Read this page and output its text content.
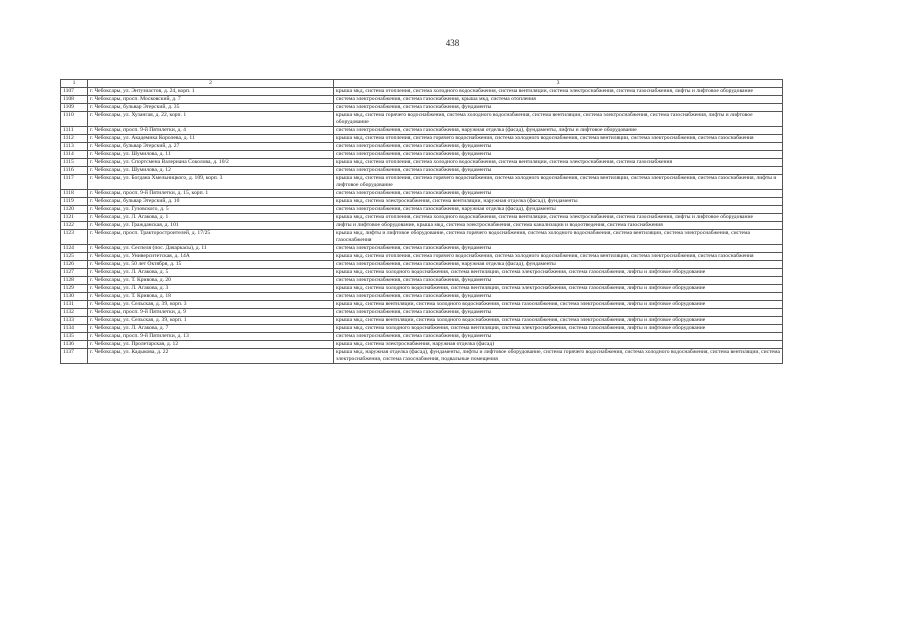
438
1	2	3
1107	г. Чебоксары, ул. Энтузиастов, д. 24, корп. 1	крыша мкд, система отопления, система холодного водоснабжения, система вентиляции, система электроснабжения, система газоснабжения, лифты и лифтовое оборудование
1108	г. Чебоксары, просп. Московский, д. 7	система электроснабжения, система газоснабжения, крыша мкд, система отопления
1109	г. Чебоксары, бульвар Эгерский, д. 35	система электроснабжения, система газоснабжения, фундаменты
1110	г. Чебоксары, ул. Хузангая, д. 22, корп. 1	крыша мкд, система горячего водоснабжения, система холодного водоснабжения, система вентиляции, система электроснабжения, система газоснабжения, лифты и лифтовое оборудование
1111	г. Чебоксары, просп. 9-й Пятилетки, д. 4	система электроснабжения, система газоснабжения, наружная отделка (фасад), фундаменты, лифты и лифтовое оборудование
1112	г. Чебоксары, ул. Академика Королева, д. 11	крыша мкд, система отопления, система горячего водоснабжения, система холодного водоснабжения, система вентиляции, система электроснабжения, система газоснабжения
1113	г. Чебоксары, бульвар Эгерский, д. 27	система электроснабжения, система газоснабжения, фундаменты
1114	г. Чебоксары, ул. Шумилова, д. 11	система электроснабжения, система газоснабжения, фундаменты
1115	г. Чебоксары, ул. Спортсмена Валериана Соколова, д. 10/2	крыша мкд, система отопления, система холодного водоснабжения, система вентиляции, система электроснабжения, система газоснабжения
1116	г. Чебоксары, ул. Шумилова, д. 12	система электроснабжения, система газоснабжения, фундаменты
1117	г. Чебоксары, ул. Богдана Хмельницкого, д. 109, корп. 3	крыша мкд, система отопления, система горячего водоснабжения, система холодного водоснабжения, система вентиляции, система электроснабжения, система газоснабжения, лифты и лифтовое оборудование
1118	г. Чебоксары, просп. 9-й Пятилетки, д. 15, корп. 1	система электроснабжения, система газоснабжения, фундаменты
1119	г. Чебоксары, бульвар Эгерский, д. 10	крыша мкд, система электроснабжения, система вентиляции, наружная отделка (фасад), фундаменты
1120	г. Чебоксары, ул. Гузовского, д. 5	система электроснабжения, система газоснабжения, наружная отделка (фасад), фундаменты
1121	г. Чебоксары, ул. Л. Агакова, д. 1	крыша мкд, система отопления, система холодного водоснабжения, система вентиляции, система электроснабжения, система газоснабжения, лифты и лифтовое оборудование
1122	г. Чебоксары, ул. Гражданская, д. 101	лифты и лифтовое оборудование, крыша мкд, система электроснабжения, система канализации и водоотведения, система газоснабжения
1123	г. Чебоксары, просп. Тракторостроителей, д. 17/25	крыша мкд, лифты и лифтовое оборудование, система горячего водоснабжения, система холодного водоснабжения, система вентиляции, система электроснабжения, система газоснабжения
1124	г. Чебоксары, ул. Сеспеля (пос. Дачаркасы), д. 11	система электроснабжения, система газоснабжения, фундаменты
1125	г. Чебоксары, ул. Университетская, д. 14А	крыша мкд, система отопления, система горячего водоснабжения, система холодного водоснабжения, система вентиляции, система электроснабжения, система газоснабжения
1126	г. Чебоксары, ул. 50 лет Октября, д. 15	система электроснабжения, система газоснабжения, наружная отделка (фасад), фундаменты
1127	г. Чебоксары, ул. Л. Агакова, д. 5	крыша мкд, система холодного водоснабжения, система вентиляции, система электроснабжения, система газоснабжения, лифты и лифтовое оборудование
1128	г. Чебоксары, ул. Т. Кривова, д. 20	система электроснабжения, система газоснабжения, фундаменты
1129	г. Чебоксары, ул. Л. Агакова, д. 3	крыша мкд, система холодного водоснабжения, система вентиляции, система электроснабжения, система газоснабжения, лифты и лифтовое оборудование
1130	г. Чебоксары, ул. Т. Кривова, д. 18	система электроснабжения, система газоснабжения, фундаменты
1131	г. Чебоксары, ул. Сельская, д. 39, корп. 3	крыша мкд, система вентиляции, система холодного водоснабжения, система газоснабжения, система электроснабжения, лифты и лифтовое оборудование
1132	г. Чебоксары, просп. 9-й Пятилетки, д. 9	система электроснабжения, система газоснабжения, фундаменты
1133	г. Чебоксары, ул. Сельская, д. 39, корп. 1	крыша мкд, система вентиляции, система холодного водоснабжения, система газоснабжения, система электроснабжения, лифты и лифтовое оборудование
1134	г. Чебоксары, ул. Л. Агакова, д. 7	крыша мкд, система холодного водоснабжения, система вентиляции, система электроснабжения, система газоснабжения, лифты и лифтовое оборудование
1135	г. Чебоксары, просп. 9-й Пятилетки, д. 13	система электроснабжения, система газоснабжения, фундаменты
1136	г. Чебоксары, ул. Пролетарская, д. 12	крыша мкд, система электроснабжения, наружная отделка (фасад)
1137	г. Чебоксары, ул. Кадыкова, д. 22	крыша мкд, наружная отделка (фасад), фундаменты, лифты и лифтовое оборудование, система горячего водоснабжения, система холодного водоснабжения, система вентиляции, система электроснабжения, система газоснабжения, подвальные помещения
